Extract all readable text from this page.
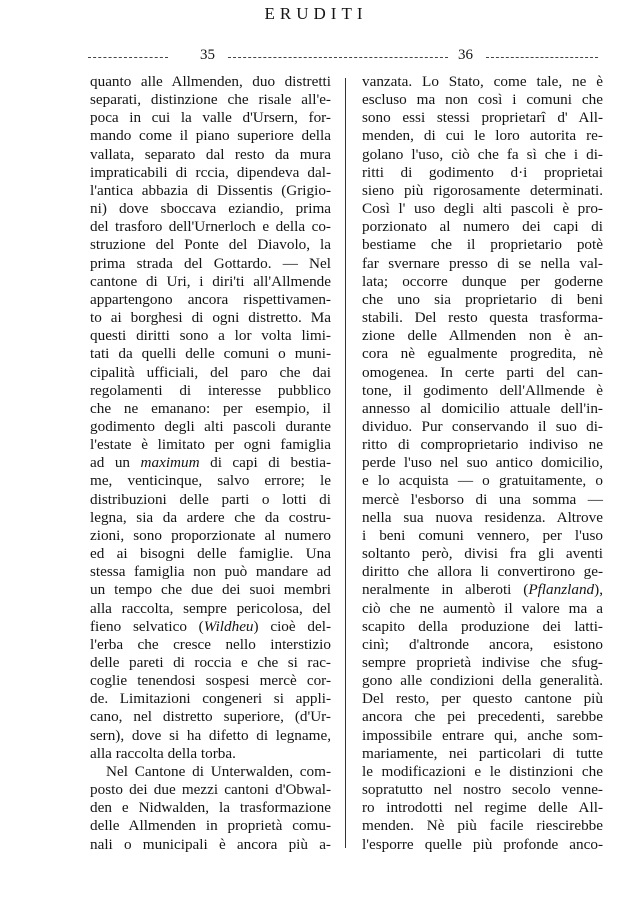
ERUDITI
35	36
quanto alle Allmenden, duo distretti
separati, distinzione che risale all'e-
poca in cui la valle d'Ursern, for-
mando come il piano superiore della
vallata, separato dal resto da mura
impraticabili di rccia, dipendeva dal-
l'antica abbazia di Dissentis (Grigio-
ni) dove sboccava eziandio, prima
del trasforo dell'Urnerloch e della co-
struzione del Ponte del Diavolo, la
prima strada del Gottardo. — Nel
cantone di Uri, i diri'ti all'Allmende
appartengono ancora rispettivamen-
to ai borghesi di ogni distretto. Ma
questi diritti sono a lor volta limi-
tati da quelli delle comuni o muni-
cipalità ufficiali, del paro che dai
regolamenti di interesse pubblico
che ne emanano: per esempio, il
godimento degli alti pascoli durante
l'estate è limitato per ogni famiglia
ad un maximum di capi di bestia-
me, venticinque, salvo errore; le
distribuzioni delle parti o lotti di
legna, sia da ardere che da costru-
zioni, sono proporzionate al numero
ed ai bisogni delle famiglie. Una
stessa famiglia non può mandare ad
un tempo che due dei suoi membri
alla raccolta, sempre pericolosa, del
fieno selvatico (Wildheu) cioè del-
l'erba che cresce nello interstizio
delle pareti di roccia e che si rac-
coglie tenendosi sospesi mercè cor-
de. Limitazioni congeneri si appli-
cano, nel distretto superiore, (d'Ur-
sern), dove si ha difetto di legname,
alla raccolta della torba.
Nel Cantone di Unterwalden, com-
posto dei due mezzi cantoni d'Obwal-
den e Nidwalden, la trasformazione
delle Allmenden in proprietà comu-
nali o municipali è ancora più a-
vanzata. Lo Stato, come tale, ne è
escluso ma non così i comuni che
sono essi stessi proprietarî d' All-
menden, di cui le loro autorita re-
golano l'uso, ciò che fa sì che i di-
ritti di godimento d·i proprietai
sieno più rigorosamente determinati.
Così l' uso degli alti pascoli è pro-
porzionato al numero dei capi di
bestiame che il proprietario potè
far svernare presso di se nella val-
lata; occorre dunque per goderne
che uno sia proprietario di beni
stabili. Del resto questa trasforma-
zione delle Allmenden non è an-
cora nè egualmente progredita, nè
omogenea. In certe parti del can-
tone, il godimento dell'Allmende è
annesso al domicilio attuale dell'in-
dividuo. Pur conservando il suo di-
ritto di comproprietario indiviso ne
perde l'uso nel suo antico domicilio,
e lo acquista — o gratuitamente, o
mercè l'esborso di una somma —
nella sua nuova residenza. Altrove
i beni comuni vennero, per l'uso
soltanto però, divisi fra gli aventi
diritto che allora li convertirono ge-
neralmente in alberoti (Pflanzland),
ciò che ne aumentò il valore ma a
scapito della produzione dei latti-
cinì; d'altronde ancora, esistono
sempre proprietà indivise che sfug-
gono alle condizioni della generalità.
Del resto, per questo cantone più
ancora che pei precedenti, sarebbe
impossibile entrare qui, anche som-
mariamente, nei particolari di tutte
le modificazioni e le distinzioni che
sopratutto nel nostro secolo venne-
ro introdotti nel regime delle All-
menden. Nè più facile riescirebbe
l'esporre quelle più profonde anco-
